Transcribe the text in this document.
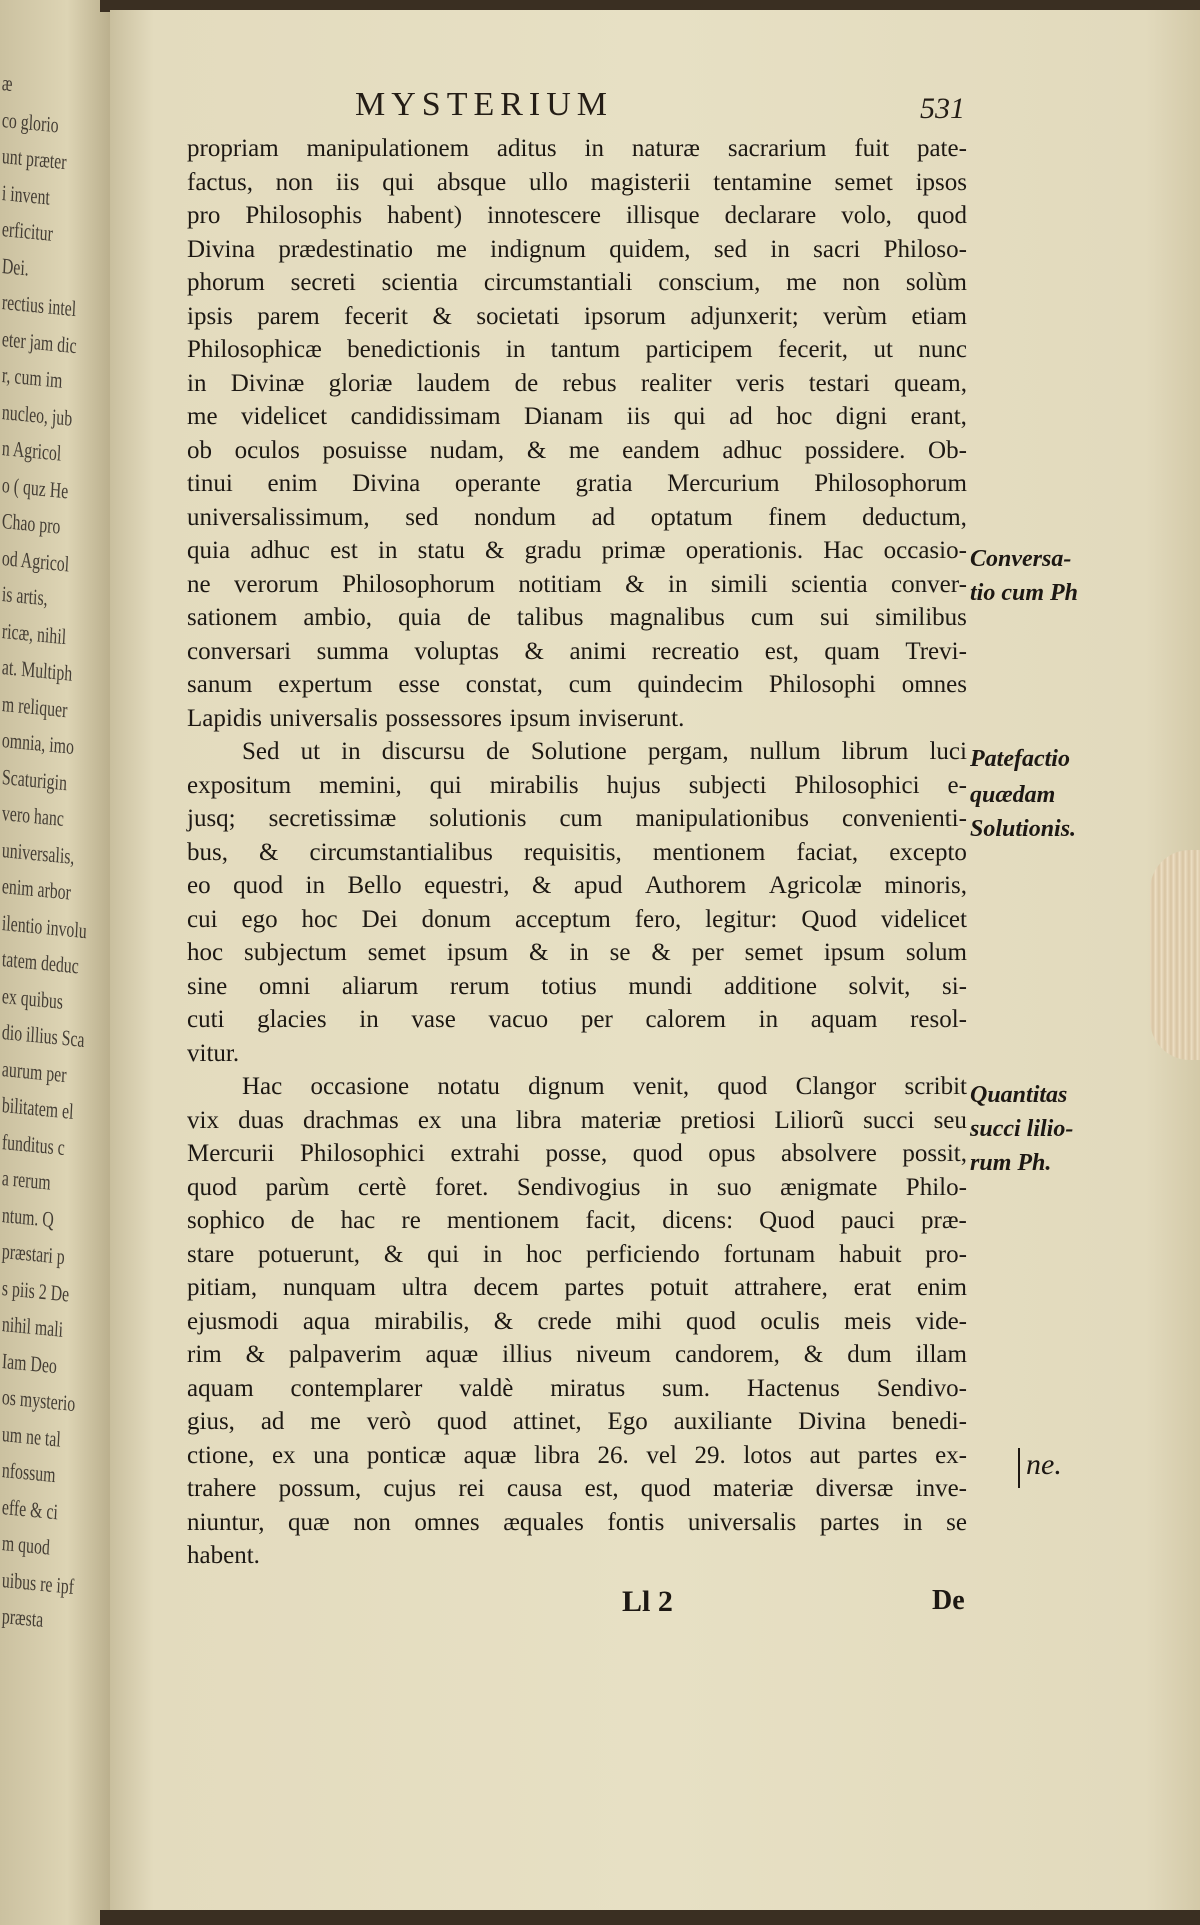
æ
co glorio
unt præter
i invent
erficitur
Dei.
rectius intel
eter jam dic
r, cum im
nucleo, jub
n Agricol
o ( quz He
Chao pro
od Agricol
is artis,
ricæ, nihil
at. Multiph
m reliquer
omnia, imo
Scaturigin
vero hanc
universalis,
enim arbor
ilentio involu
tatem deduc
ex quibus
dio illius Sca
aurum per
bilitatem el
funditus c
a rerum
ntum. Q
præstari p
s piis 2 De
nihil mali
Iam Deo
os mysterio
um ne tal
nfossum
effe & ci
m quod
uibus re ipf
præsta
MYSTERIUM	531
propriam manipulationem aditus in naturæ sacrarium fuit pate-
factus, non iis qui absque ullo magisterii tentamine semet ipsos
pro Philosophis habent) innotescere illisque declarare volo, quod
Divina prædestinatio me indignum quidem, sed in sacri Philoso-
phorum secreti scientia circumstantiali conscium, me non solùm
ipsis parem fecerit & societati ipsorum adjunxerit; verùm etiam
Philosophicæ benedictionis in tantum participem fecerit, ut nunc
in Divinæ gloriæ laudem de rebus realiter veris testari queam,
me videlicet candidissimam Dianam iis qui ad hoc digni erant,
ob oculos posuisse nudam, & me eandem adhuc possidere. Ob-
tinui enim Divina operante gratia Mercurium Philosophorum
universalissimum, sed nondum ad optatum finem deductum,
quia adhuc est in statu & gradu primæ operationis. Hac occasio-
ne verorum Philosophorum notitiam & in simili scientia conver-
sationem ambio, quia de talibus magnalibus cum sui similibus
conversari summa voluptas & animi recreatio est, quam Trevi-
sanum expertum esse constat, cum quindecim Philosophi omnes
Lapidis universalis possessores ipsum inviserunt.
Sed ut in discursu de Solutione pergam, nullum librum luci
expositum memini, qui mirabilis hujus subjecti Philosophici e-
jusq; secretissimæ solutionis cum manipulationibus convenienti-
bus, & circumstantialibus requisitis, mentionem faciat, excepto
eo quod in Bello equestri, & apud Authorem Agricolæ minoris,
cui ego hoc Dei donum acceptum fero, legitur: Quod videlicet
hoc subjectum semet ipsum & in se & per semet ipsum solum
sine omni aliarum rerum totius mundi additione solvit, si-
cuti glacies in vase vacuo per calorem in aquam resol-
vitur.
Hac occasione notatu dignum venit, quod Clangor scribit
vix duas drachmas ex una libra materiæ pretiosi Liliorũ succi seu
Mercurii Philosophici extrahi posse, quod opus absolvere possit,
quod parùm certè foret. Sendivogius in suo ænigmate Philo-
sophico de hac re mentionem facit, dicens: Quod pauci præ-
stare potuerunt, & qui in hoc perficiendo fortunam habuit pro-
pitiam, nunquam ultra decem partes potuit attrahere, erat enim
ejusmodi aqua mirabilis, & crede mihi quod oculis meis vide-
rim & palpaverim aquæ illius niveum candorem, & dum illam
aquam contemplarer valdè miratus sum. Hactenus Sendivo-
gius, ad me verò quod attinet, Ego auxiliante Divina benedi-
ctione, ex una ponticæ aquæ libra 26. vel 29. lotos aut partes ex-
trahere possum, cujus rei causa est, quod materiæ diversæ inve-
niuntur, quæ non omnes æquales fontis universalis partes in se
habent.
Conversa-
tio cum Ph
Patefactio
quædam
Solutionis.
Quantitas
succi lilio-
rum Ph.
ne.
Ll 2	De
